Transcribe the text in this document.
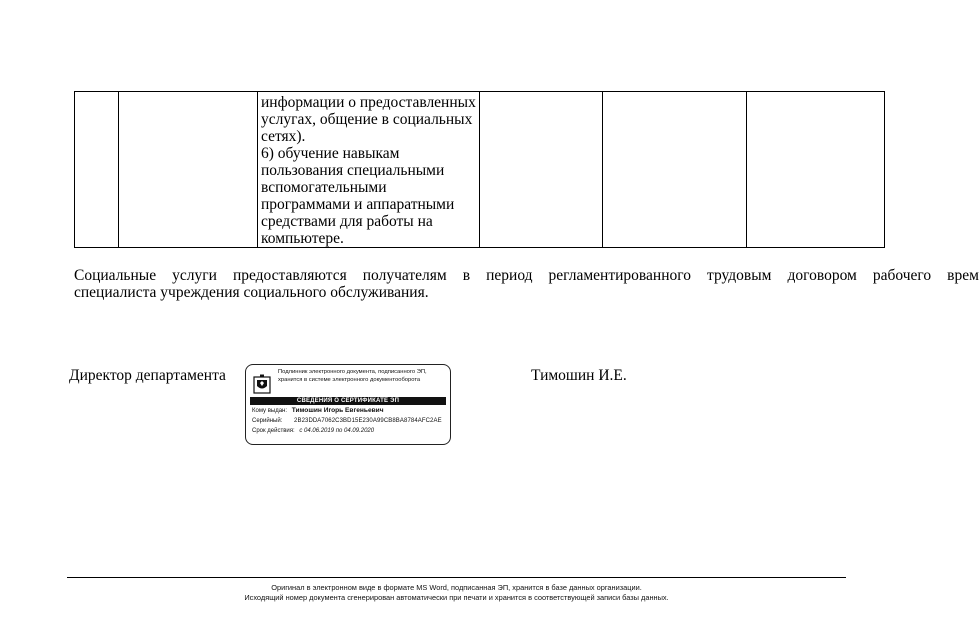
информации о предоставленных
услугах, общение в социальных
сетях).
6) обучение навыкам
пользования специальными
вспомогательными
программами и аппаратными
средствами для работы на
компьютере.

Социальные услуги предоставляются получателям в период регламентированного трудовым договором рабочего врем
специалиста учреждения социального обслуживания.
Директор департамента	Подлинник электронного документа, подписанного ЭП,
хранится в системе электронного документооборота
СВЕДЕНИЯ О СЕРТИФИКАТЕ ЭП
Кому выдан: Тимошин Игорь Евгеньевич
Серийный: 2B23DDA7062C3BD15E230A99CB8BA8784AFC2AE
Срок действия: с 04.06.2019 по 04.09.2020
Тимошин И.Е.
Оригинал в электронном виде в формате MS Word, подписанная ЭП, хранится в базе данных организации.
Исходящий номер документа сгенерирован автоматически при печати и хранится в соответствующей записи базы данных.
